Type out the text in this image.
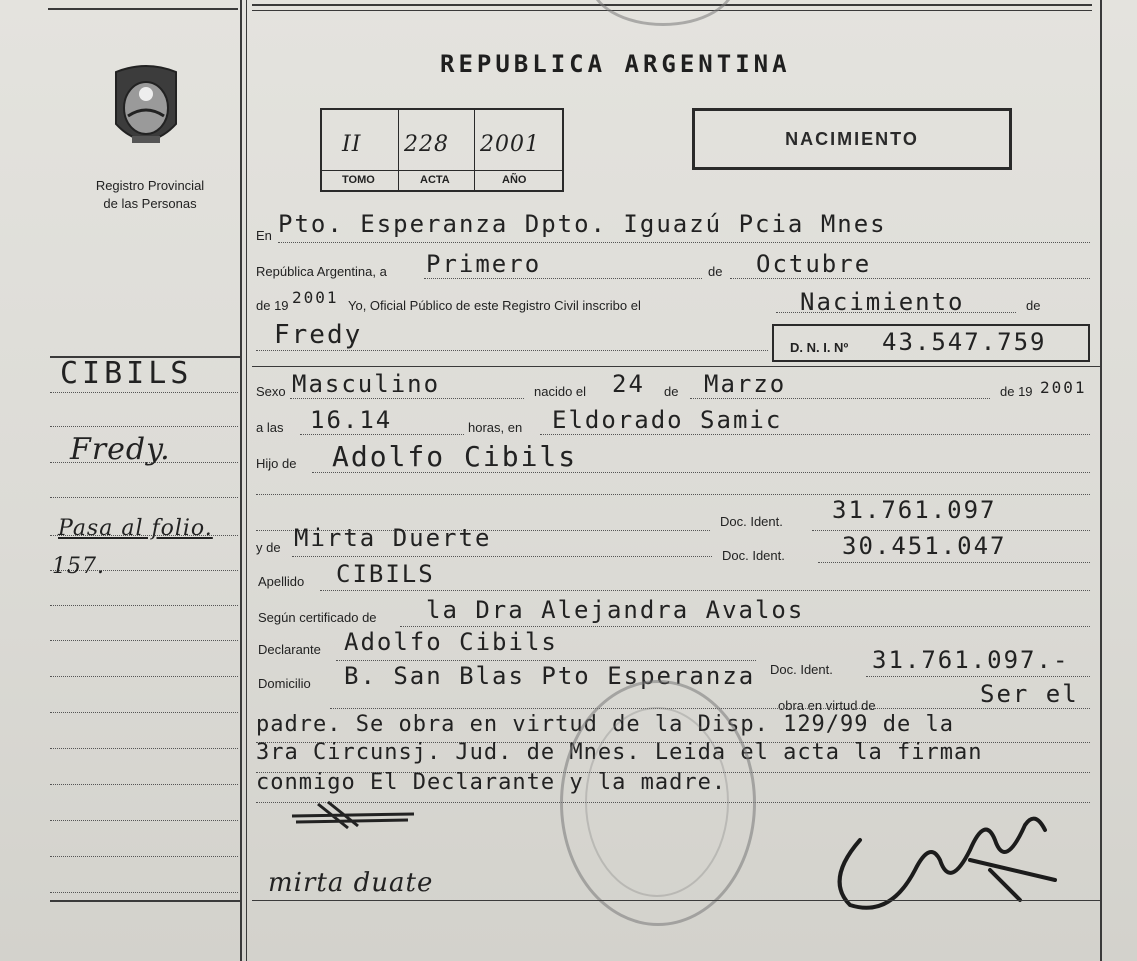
Registro Provincial
de las Personas
CIBILS
Fredy.
Pasa al folio.
157.
REPUBLICA ARGENTINA
II 228 2001
TOMO	ACTA	AÑO
NACIMIENTO
En Pto. Esperanza Dpto. Iguazú Pcia Mnes
República Argentina, a Primero	de Octubre
de 19 2001 Yo, Oficial Público de este Registro Civil inscribo el	Nacimiento	de
Fredy	D. N. I. Nº 43.547.759
Sexo Masculino	nacido el 24 de Marzo	de 19 2001
a las 16.14	horas, en Eldorado Samic
Hijo de Adolfo Cibils
Doc. Ident. 31.761.097
y de Mirta Duerte
Doc. Ident. 30.451.047
Apellido CIBILS
Según certificado de la Dra Alejandra Avalos
Declarante Adolfo Cibils
Doc. Ident. 31.761.097.-
Domicilio B. San Blas Pto Esperanza
obra en virtud de	Ser el
padre. Se obra en virtud de la Disp. 129/99 de la
3ra Circunsj. Jud. de Mnes. Leida el acta la firman
conmigo El Declarante y la madre.
mirta duate
